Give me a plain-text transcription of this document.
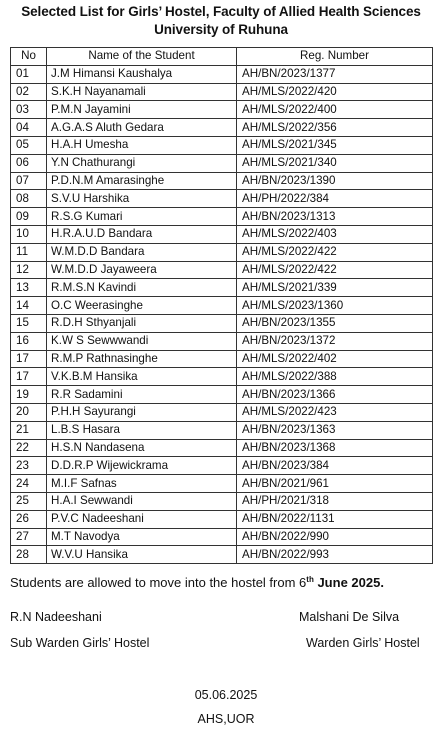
Selected List for Girls’ Hostel, Faculty of Allied Health Sciences
University of Ruhuna
No	Name of the Student	Reg. Number
01	J.M Himansi Kaushalya	AH/BN/2023/1377
02	S.K.H Nayanamali	AH/MLS/2022/420
03	P.M.N Jayamini	AH/MLS/2022/400
04	A.G.A.S Aluth Gedara	AH/MLS/2022/356
05	H.A.H Umesha	AH/MLS/2021/345
06	Y.N Chathurangi	AH/MLS/2021/340
07	P.D.N.M Amarasinghe	AH/BN/2023/1390
08	S.V.U Harshika	AH/PH/2022/384
09	R.S.G Kumari	AH/BN/2023/1313
10	H.R.A.U.D Bandara	AH/MLS/2022/403
11	W.M.D.D Bandara	AH/MLS/2022/422
12	W.M.D.D Jayaweera	AH/MLS/2022/422
13	R.M.S.N Kavindi	AH/MLS/2021/339
14	O.C Weerasinghe	AH/MLS/2023/1360
15	R.D.H Sthyanjali	AH/BN/2023/1355
16	K.W S Sewwwandi	AH/BN/2023/1372
17	R.M.P Rathnasinghe	AH/MLS/2022/402
17	V.K.B.M Hansika	AH/MLS/2022/388
19	R.R Sadamini	AH/BN/2023/1366
20	P.H.H Sayurangi	AH/MLS/2022/423
21	L.B.S Hasara	AH/BN/2023/1363
22	H.S.N Nandasena	AH/BN/2023/1368
23	D.D.R.P Wijewickrama	AH/BN/2023/384
24	M.I.F Safnas	AH/BN/2021/961
25	H.A.I Sewwandi	AH/PH/2021/318
26	P.V.C Nadeeshani	AH/BN/2022/1131
27	M.T Navodya	AH/BN/2022/990
28	W.V.U Hansika	AH/BN/2022/993
Students are allowed to move into the hostel from 6th June 2025.
R.N Nadeeshani
Sub Warden Girls’ Hostel
Malshani De Silva
Warden Girls’ Hostel
05.06.2025
AHS,UOR
